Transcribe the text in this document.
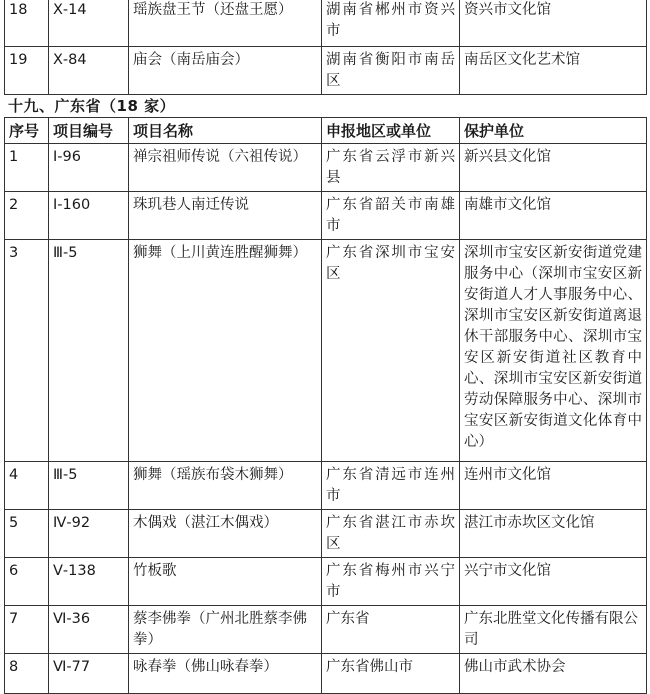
18	Ⅹ-14	瑶族盘王节（还盘王愿）	湖南省郴州市资兴市	资兴市文化馆
19	Ⅹ-84	庙会（南岳庙会）	湖南省衡阳市南岳区	南岳区文化艺术馆
十九、广东省（18 家）
序号	项目编号	项目名称	申报地区或单位	保护单位
1	Ⅰ-96	禅宗祖师传说（六祖传说）	广东省云浮市新兴县	新兴县文化馆
2	Ⅰ-160	珠玑巷人南迁传说	广东省韶关市南雄市	南雄市文化馆
3	Ⅲ-5	狮舞（上川黄连胜醒狮舞）	广东省深圳市宝安区	深圳市宝安区新安街道党建服务中心（深圳市宝安区新安街道人才人事服务中心、深圳市宝安区新安街道离退休干部服务中心、深圳市宝安区新安街道社区教育中心、深圳市宝安区新安街道劳动保障服务中心、深圳市宝安区新安街道文化体育中心）
4	Ⅲ-5	狮舞（瑶族布袋木狮舞）	广东省清远市连州市	连州市文化馆
5	Ⅳ-92	木偶戏（湛江木偶戏）	广东省湛江市赤坎区	湛江市赤坎区文化馆
6	Ⅴ-138	竹板歌	广东省梅州市兴宁市	兴宁市文化馆
7	Ⅵ-36	蔡李佛拳（广州北胜蔡李佛拳）	广东省	广东北胜堂文化传播有限公司
8	Ⅵ-77	咏春拳（佛山咏春拳）	广东省佛山市	佛山市武术协会
